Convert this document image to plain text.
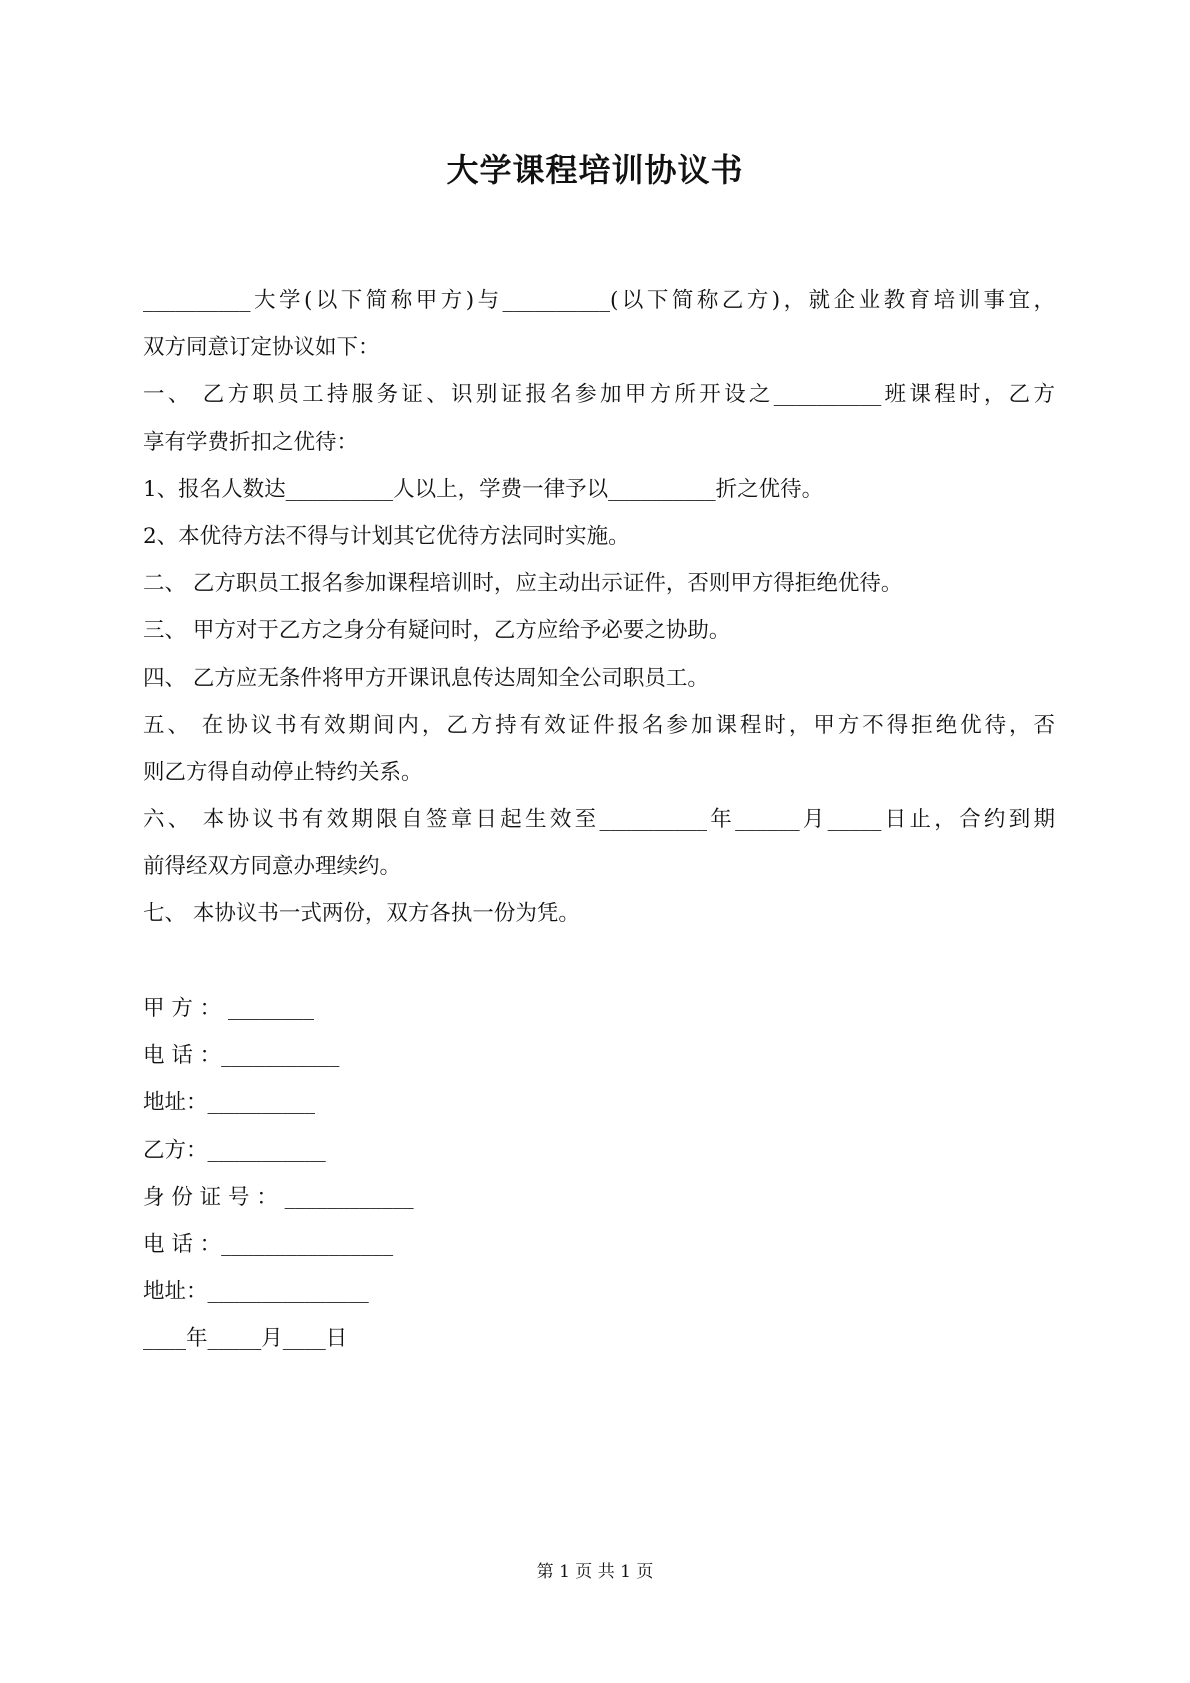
大学课程培训协议书
__________大学(以下简称甲方)与__________(以下简称乙方)，就企业教育培训事宜，
双方同意订定协议如下：
一、 乙方职员工持服务证、识别证报名参加甲方所开设之__________班课程时，乙方
享有学费折扣之优待：
1、报名人数达__________人以上，学费一律予以__________折之优待。
2、本优待方法不得与计划其它优待方法同时实施。
二、 乙方职员工报名参加课程培训时，应主动出示证件，否则甲方得拒绝优待。
三、 甲方对于乙方之身分有疑问时，乙方应给予必要之协助。
四、 乙方应无条件将甲方开课讯息传达周知全公司职员工。
五、 在协议书有效期间内，乙方持有效证件报名参加课程时，甲方不得拒绝优待，否
则乙方得自动停止特约关系。
六、 本协议书有效期限自签章日起生效至__________年______月_____日止，合约到期
前得经双方同意办理续约。
七、 本协议书一式两份，双方各执一份为凭。
甲 方 ： ________
电 话 ：___________
地址：__________
乙方：___________
身 份 证 号 ： ____________
电 话 ：________________
地址：_______________
____年_____月____日
第 1 页 共 1 页
